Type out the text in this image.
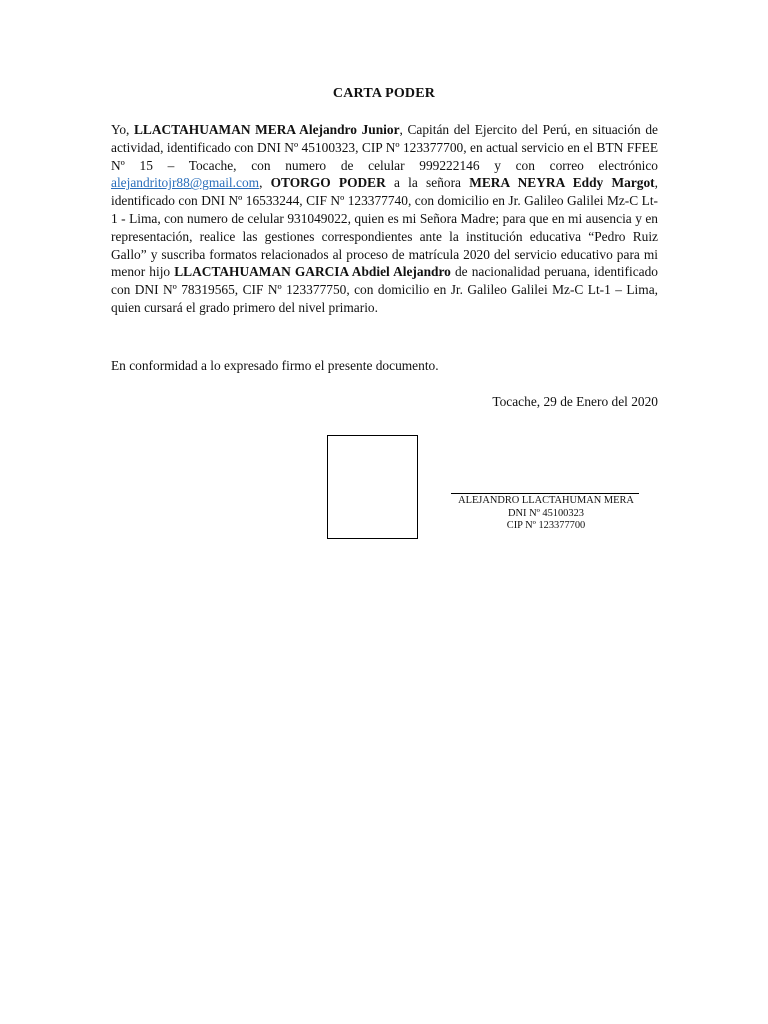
CARTA PODER
Yo, LLACTAHUAMAN MERA Alejandro Junior, Capitán del Ejercito del Perú, en situación de actividad, identificado con DNI Nº 45100323, CIP Nº 123377700, en actual servicio en el BTN FFEE Nº 15 – Tocache, con numero de celular 999222146 y con correo electrónico alejandritojr88@gmail.com, OTORGO PODER a la señora MERA NEYRA Eddy Margot, identificado con DNI Nº 16533244, CIF Nº 123377740, con domicilio en Jr. Galileo Galilei Mz-C Lt-1 - Lima, con numero de celular 931049022, quien es mi Señora Madre; para que en mi ausencia y en representación, realice las gestiones correspondientes ante la institución educativa “Pedro Ruiz Gallo” y suscriba formatos relacionados al proceso de matrícula 2020 del servicio educativo para mi menor hijo LLACTAHUAMAN GARCIA Abdiel Alejandro de nacionalidad peruana, identificado con DNI Nº 78319565, CIF Nº 123377750, con domicilio en Jr. Galileo Galilei Mz-C Lt-1 – Lima, quien cursará el grado primero del nivel primario.
En conformidad a lo expresado firmo el presente documento.
Tocache, 29 de Enero del 2020
ALEJANDRO LLACTAHUMAN MERA
DNI Nº 45100323
CIP Nº 123377700
